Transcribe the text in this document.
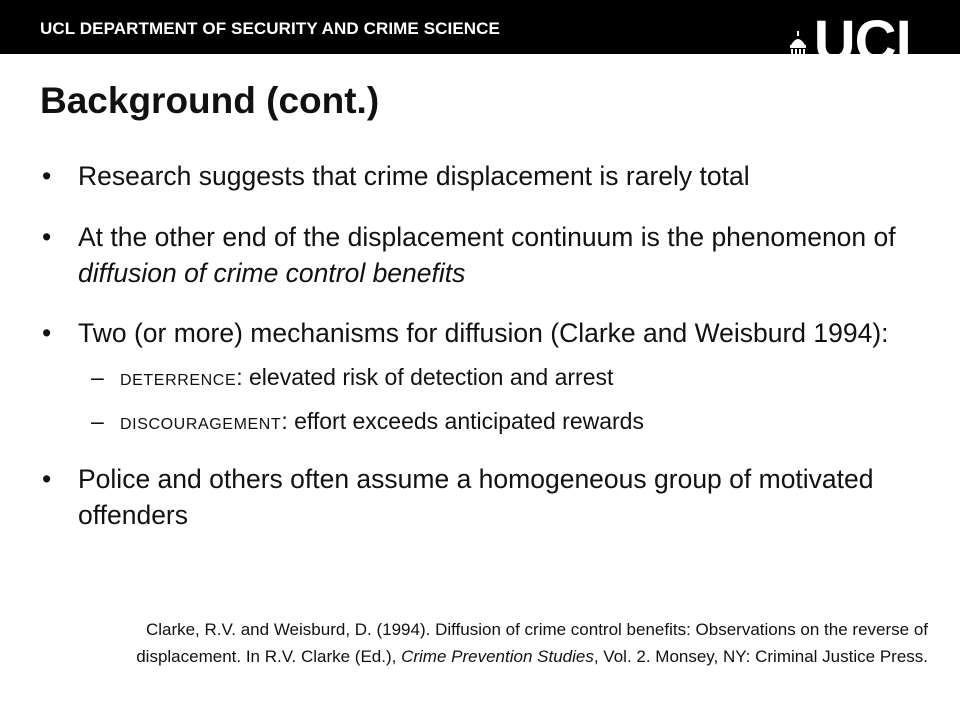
UCL DEPARTMENT OF SECURITY AND CRIME SCIENCE	UCL
Background (cont.)
• Research suggests that crime displacement is rarely total
• At the other end of the displacement continuum is the phenomenon of diffusion of crime control benefits
• Two (or more) mechanisms for diffusion (Clarke and Weisburd 1994):
– DETERRENCE: elevated risk of detection and arrest
– DISCOURAGEMENT: effort exceeds anticipated rewards
• Police and others often assume a homogeneous group of motivated offenders
Clarke, R.V. and Weisburd, D. (1994). Diffusion of crime control benefits: Observations on the reverse of displacement. In R.V. Clarke (Ed.), Crime Prevention Studies, Vol. 2. Monsey, NY: Criminal Justice Press.
